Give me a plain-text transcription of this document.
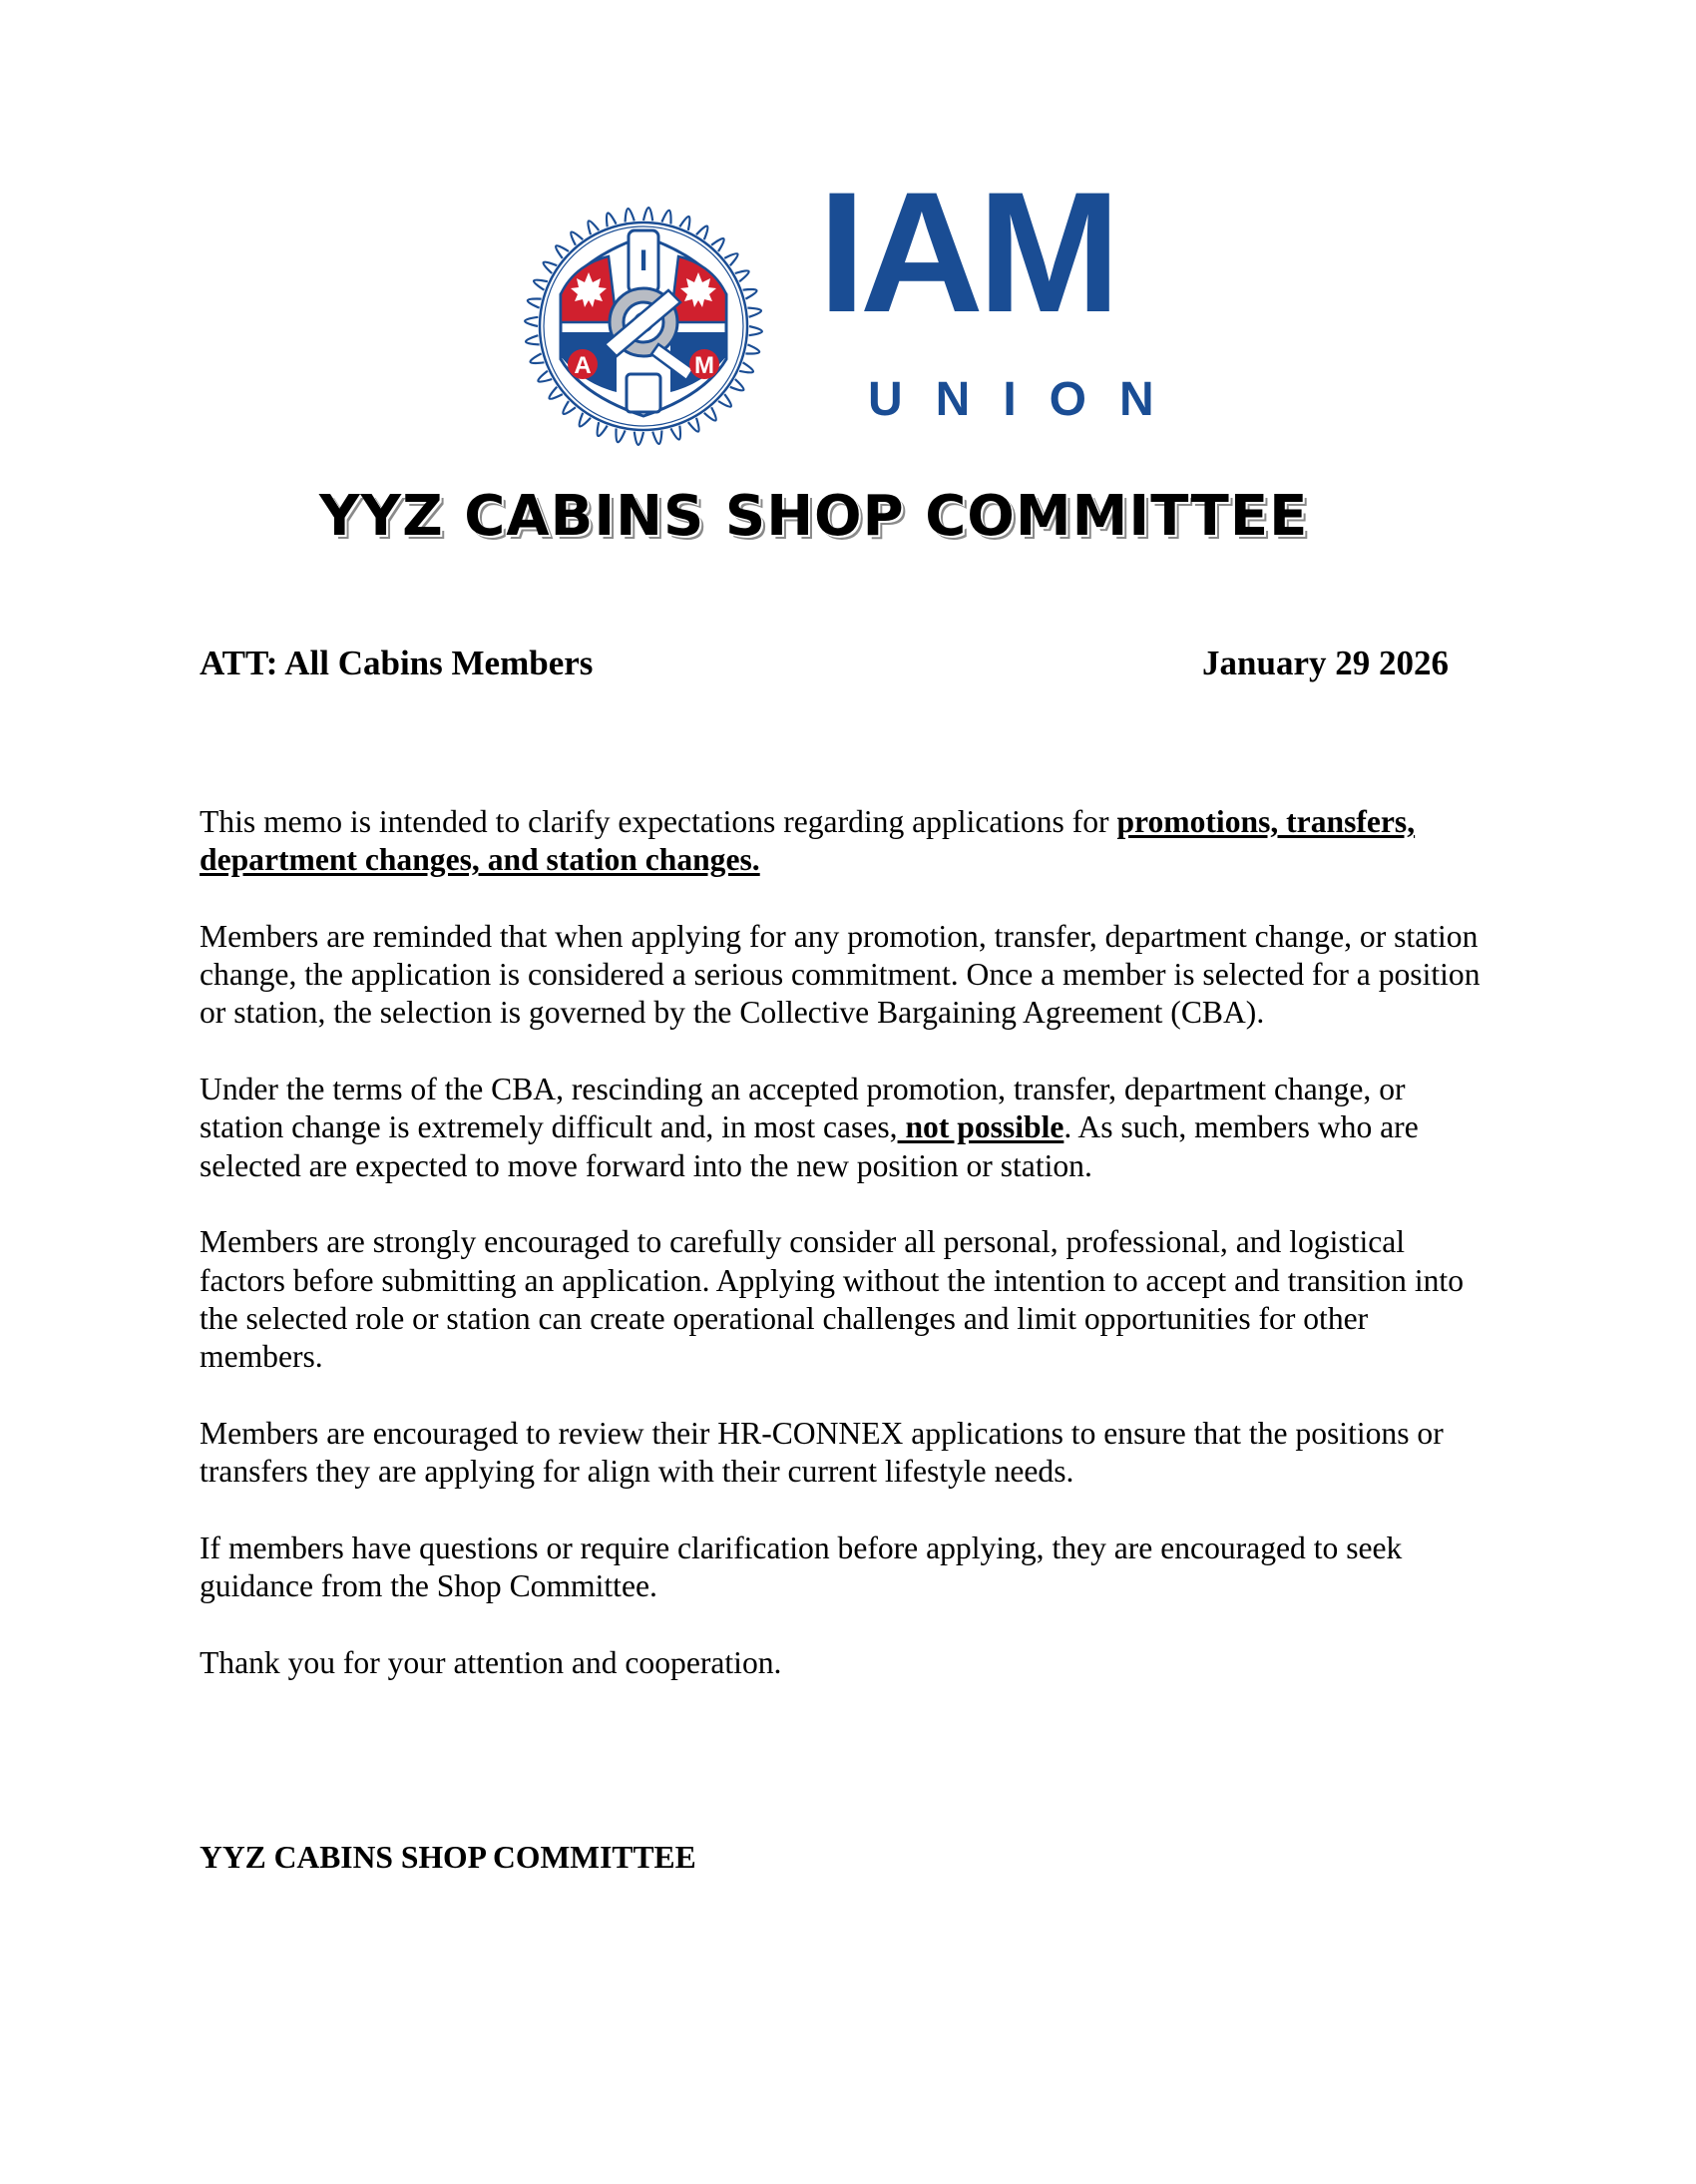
I
A	M
IAM
UNION
YYZ CABINS SHOP COMMITTEE
ATT: All Cabins Members	January 29 2026

This memo is intended to clarify expectations regarding applications for promotions, transfers, department changes, and station changes.

Members are reminded that when applying for any promotion, transfer, department change, or station change, the application is considered a serious commitment. Once a member is selected for a position or station, the selection is governed by the Collective Bargaining Agreement (CBA).

Under the terms of the CBA, rescinding an accepted promotion, transfer, department change, or station change is extremely difficult and, in most cases, not possible. As such, members who are selected are expected to move forward into the new position or station.

Members are strongly encouraged to carefully consider all personal, professional, and logistical factors before submitting an application. Applying without the intention to accept and transition into the selected role or station can create operational challenges and limit opportunities for other members.

Members are encouraged to review their HR-CONNEX applications to ensure that the positions or transfers they are applying for align with their current lifestyle needs.

If members have questions or require clarification before applying, they are encouraged to seek guidance from the Shop Committee.

Thank you for your attention and cooperation.

YYZ CABINS SHOP COMMITTEE
